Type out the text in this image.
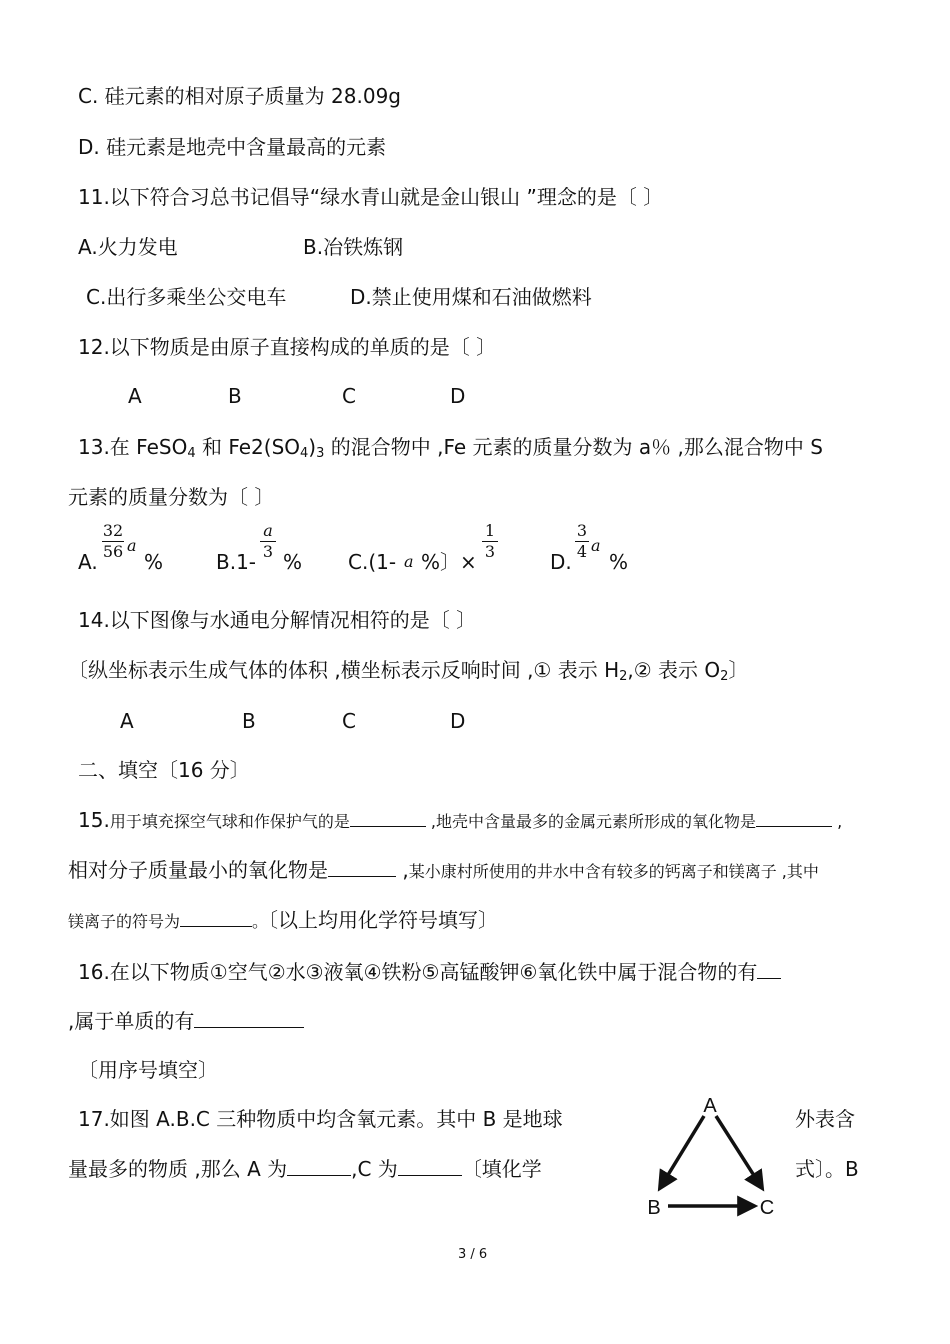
C. 硅元素的相对原子质量为 28.09g
D. 硅元素是地壳中含量最高的元素
11.以下符合习总书记倡导“绿水青山就是金山银山 ”理念的是〔 〕
A.火力发电	B.冶铁炼钢
C.出行多乘坐公交电车	D.禁止使用煤和石油做燃料
12.以下物质是由原子直接构成的单质的是〔 〕
A	B	C	D
13.在 FeSO$_4$ 和 $Fe2(SO_4)_3$ 的混合物中 ,Fe 元素的质量分数为 a％ ,那么混合物中 S
元素的质量分数为〔 〕
A.
32
56 a
%	B.1-
a
3 % C.(1- a %〕×
1
3	D.
3
4 a
%
14.以下图像与水通电分解情况相符的是〔 〕
〔纵坐标表示生成气体的体积 ,横坐标表示反响时间 ,① 表示 $H_2,②$ 表示 $O_2$〕
A	B	C	D
二、填空〔16 分〕
15.用于填充探空气球和作保护气的是	,地壳中含量最多的金属元素所形成的氧化物是	,
相对分子质量最小的氧化物是	,某小康村所使用的井水中含有较多的钙离子和镁离子 ,其中
镁离子的符号为	。〔以上均用化学符号填写〕
16.在以下物质①空气②水③液氧④铁粉⑤高锰酸钾⑥氧化铁中属于混合物的有
,属于单质的有
〔用序号填空〕
17.如图 A.B.C 三种物质中均含氧元素。其中 B 是地球	外表含
量最多的物质 ,那么 A 为	,C 为	〔填化学	式〕。B
A
B	C
3 / 6
